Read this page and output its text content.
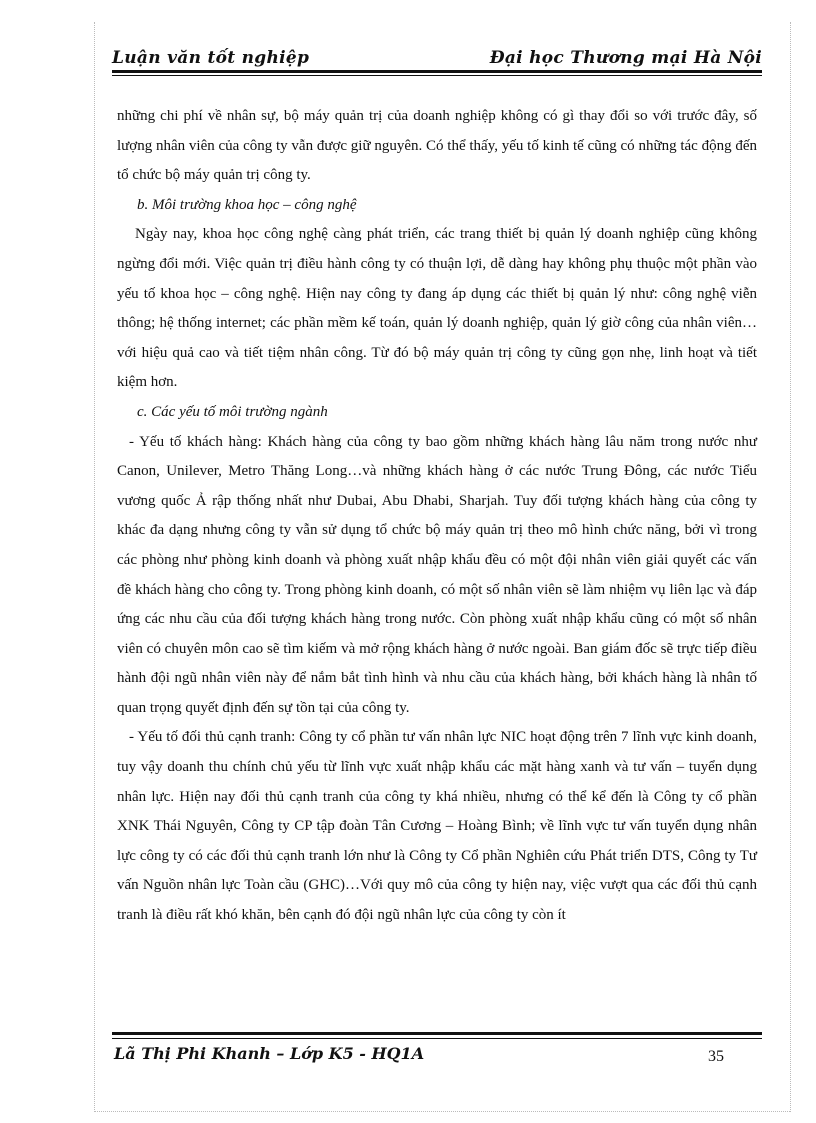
Luận văn tốt nghiệp	Đại học Thương mại Hà Nội

những chi phí về nhân sự, bộ máy quản trị của doanh nghiệp không có gì thay đổi so với trước đây, số lượng nhân viên của công ty vẫn được giữ nguyên. Có thể thấy, yếu tố kinh tế cũng có những tác động đến tổ chức bộ máy quản trị công ty.

b. Môi trường khoa học – công nghệ

Ngày nay, khoa học công nghệ càng phát triển, các trang thiết bị quản lý doanh nghiệp cũng không ngừng đổi mới. Việc quản trị điều hành công ty có thuận lợi, dễ dàng hay không phụ thuộc một phần vào yếu tố khoa học – công nghệ. Hiện nay công ty đang áp dụng các thiết bị quản lý như: công nghệ viễn thông; hệ thống internet; các phần mềm kế toán, quản lý doanh nghiệp, quản lý giờ công của nhân viên…với hiệu quả cao và tiết tiệm nhân công. Từ đó bộ máy quản trị công ty cũng gọn nhẹ, linh hoạt và tiết kiệm hơn.

c. Các yếu tố môi trường ngành

- Yếu tố khách hàng: Khách hàng của công ty bao gồm những khách hàng lâu năm trong nước như Canon, Unilever, Metro Thăng Long…và những khách hàng ở các nước Trung Đông, các nước Tiểu vương quốc Ả rập thống nhất như Dubai, Abu Dhabi, Sharjah. Tuy đối tượng khách hàng của công ty khác đa dạng nhưng công ty vẫn sử dụng tổ chức bộ máy quản trị theo mô hình chức năng, bởi vì trong các phòng như phòng kinh doanh và phòng xuất nhập khẩu đều có một đội nhân viên giải quyết các vấn đề khách hàng cho công ty. Trong phòng kinh doanh, có một số nhân viên sẽ làm nhiệm vụ liên lạc và đáp ứng các nhu cầu của đối tượng khách hàng trong nước. Còn phòng xuất nhập khẩu cũng có một số nhân viên có chuyên môn cao sẽ tìm kiếm và mở rộng khách hàng ở nước ngoài. Ban giám đốc sẽ trực tiếp điều hành đội ngũ nhân viên này để nắm bắt tình hình và nhu cầu của khách hàng, bởi khách hàng là nhân tố quan trọng quyết định đến sự tồn tại của công ty.

- Yếu tố đối thủ cạnh tranh: Công ty cổ phần tư vấn nhân lực NIC hoạt động trên 7 lĩnh vực kinh doanh, tuy vậy doanh thu chính chủ yếu từ lĩnh vực xuất nhập khẩu các mặt hàng xanh và tư vấn – tuyển dụng nhân lực. Hiện nay đối thủ cạnh tranh của công ty khá nhiều, nhưng có thể kể đến là Công ty cổ phần XNK Thái Nguyên, Công ty CP tập đoàn Tân Cương – Hoàng Bình; về lĩnh vực tư vấn tuyển dụng nhân lực công ty có các đối thủ cạnh tranh lớn như là Công ty Cổ phần Nghiên cứu Phát triển DTS, Công ty Tư vấn Nguồn nhân lực Toàn cầu (GHC)…Với quy mô của công ty hiện nay, việc vượt qua các đối thủ cạnh tranh là điều rất khó khăn, bên cạnh đó đội ngũ nhân lực của công ty còn ít

Lã Thị Phi Khanh – Lớp K5 - HQ1A	35
